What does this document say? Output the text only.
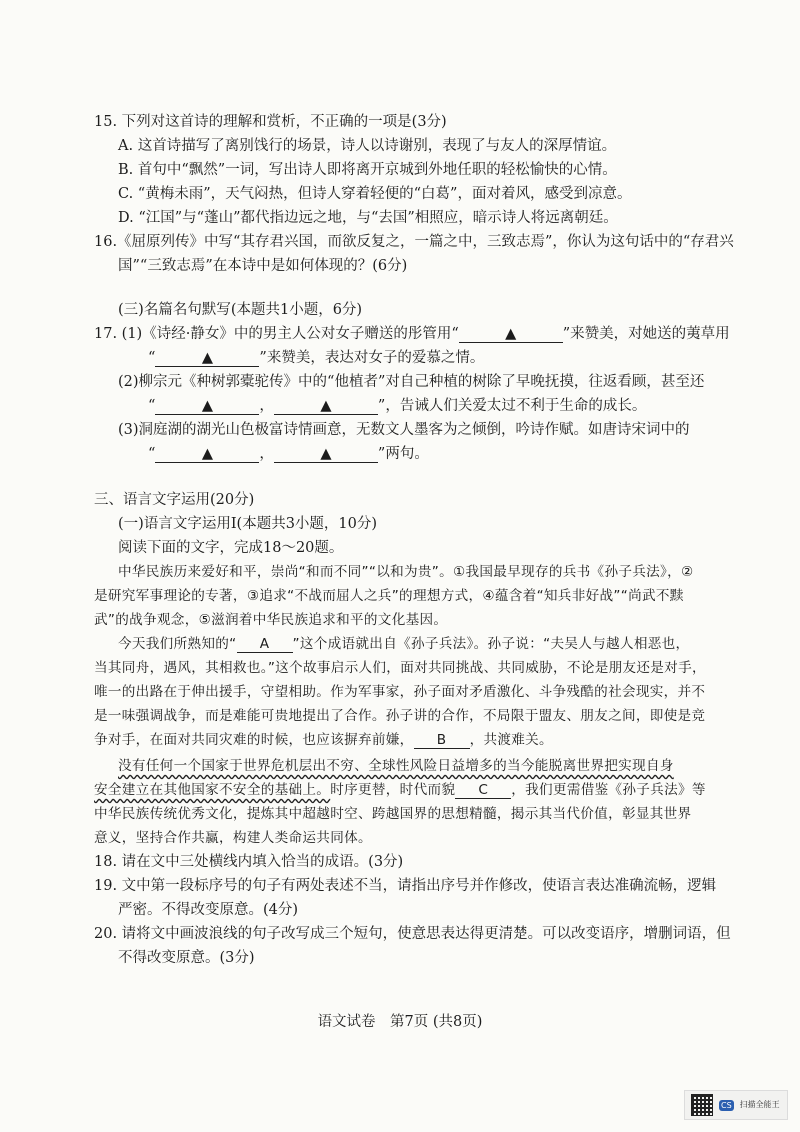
15. 下列对这首诗的理解和赏析，不正确的一项是(3分)
A. 这首诗描写了离别饯行的场景，诗人以诗谢别，表现了与友人的深厚情谊。
B. 首句中“飘然”一词，写出诗人即将离开京城到外地任职的轻松愉快的心情。
C. “黄梅未雨”，天气闷热，但诗人穿着轻便的“白葛”，面对着风，感受到凉意。
D. “江国”与“蓬山”都代指边远之地，与“去国”相照应，暗示诗人将远离朝廷。
16.《屈原列传》中写“其存君兴国，而欲反复之，一篇之中，三致志焉”，你认为这句话中的“存君兴
国”“三致志焉”在本诗中是如何体现的？(6分)
(三)名篇名句默写(本题共1小题，6分)
17. (1)《诗经·静女》中的男主人公对女子赠送的彤管用“	▲	”来赞美，对她送的荑草用
“	▲	”来赞美，表达对女子的爱慕之情。
(2)柳宗元《种树郭橐驼传》中的“他植者”对自己种植的树除了早晚抚摸，往返看顾，甚至还
“	▲	，	▲	”，告诫人们关爱太过不利于生命的成长。
(3)洞庭湖的湖光山色极富诗情画意，无数文人墨客为之倾倒，吟诗作赋。如唐诗宋词中的
“	▲	，	▲	”两句。
三、语言文字运用(20分)
(一)语言文字运用Ⅰ(本题共3小题，10分)
阅读下面的文字，完成18～20题。
中华民族历来爱好和平，崇尚“和而不同”“以和为贵”。①我国最早现存的兵书《孙子兵法》，②
是研究军事理论的专著，③追求“不战而屈人之兵”的理想方式，④蕴含着“知兵非好战”“尚武不黩
武”的战争观念，⑤滋润着中华民族追求和平的文化基因。
今天我们所熟知的“ A ”这个成语就出自《孙子兵法》。孙子说：“夫吴人与越人相恶也，
当其同舟，遇风，其相救也。”这个故事启示人们，面对共同挑战、共同威胁，不论是朋友还是对手，
唯一的出路在于伸出援手，守望相助。作为军事家，孙子面对矛盾激化、斗争残酷的社会现实，并不
是一味强调战争，而是难能可贵地提出了合作。孙子讲的合作，不局限于盟友、朋友之间，即使是竞
争对手，在面对共同灾难的时候，也应该摒弃前嫌， B ，共渡难关。
没有任何一个国家于世界危机层出不穷、全球性风险日益增多的当今能脱离世界把实现自身
安全建立在其他国家不安全的基础上。时序更替，时代而貌 C ，我们更需借鉴《孙子兵法》等
中华民族传统优秀文化，提炼其中超越时空、跨越国界的思想精髓，揭示其当代价值，彰显其世界
意义，坚持合作共赢，构建人类命运共同体。
18. 请在文中三处横线内填入恰当的成语。(3分)
19. 文中第一段标序号的句子有两处表述不当，请指出序号并作修改，使语言表达准确流畅，逻辑
严密。不得改变原意。(4分)
20. 请将文中画波浪线的句子改写成三个短句，使意思表达得更清楚。可以改变语序，增删词语，但
不得改变原意。(3分)
语文试卷　第7页 (共8页)
CS 扫描全能王
